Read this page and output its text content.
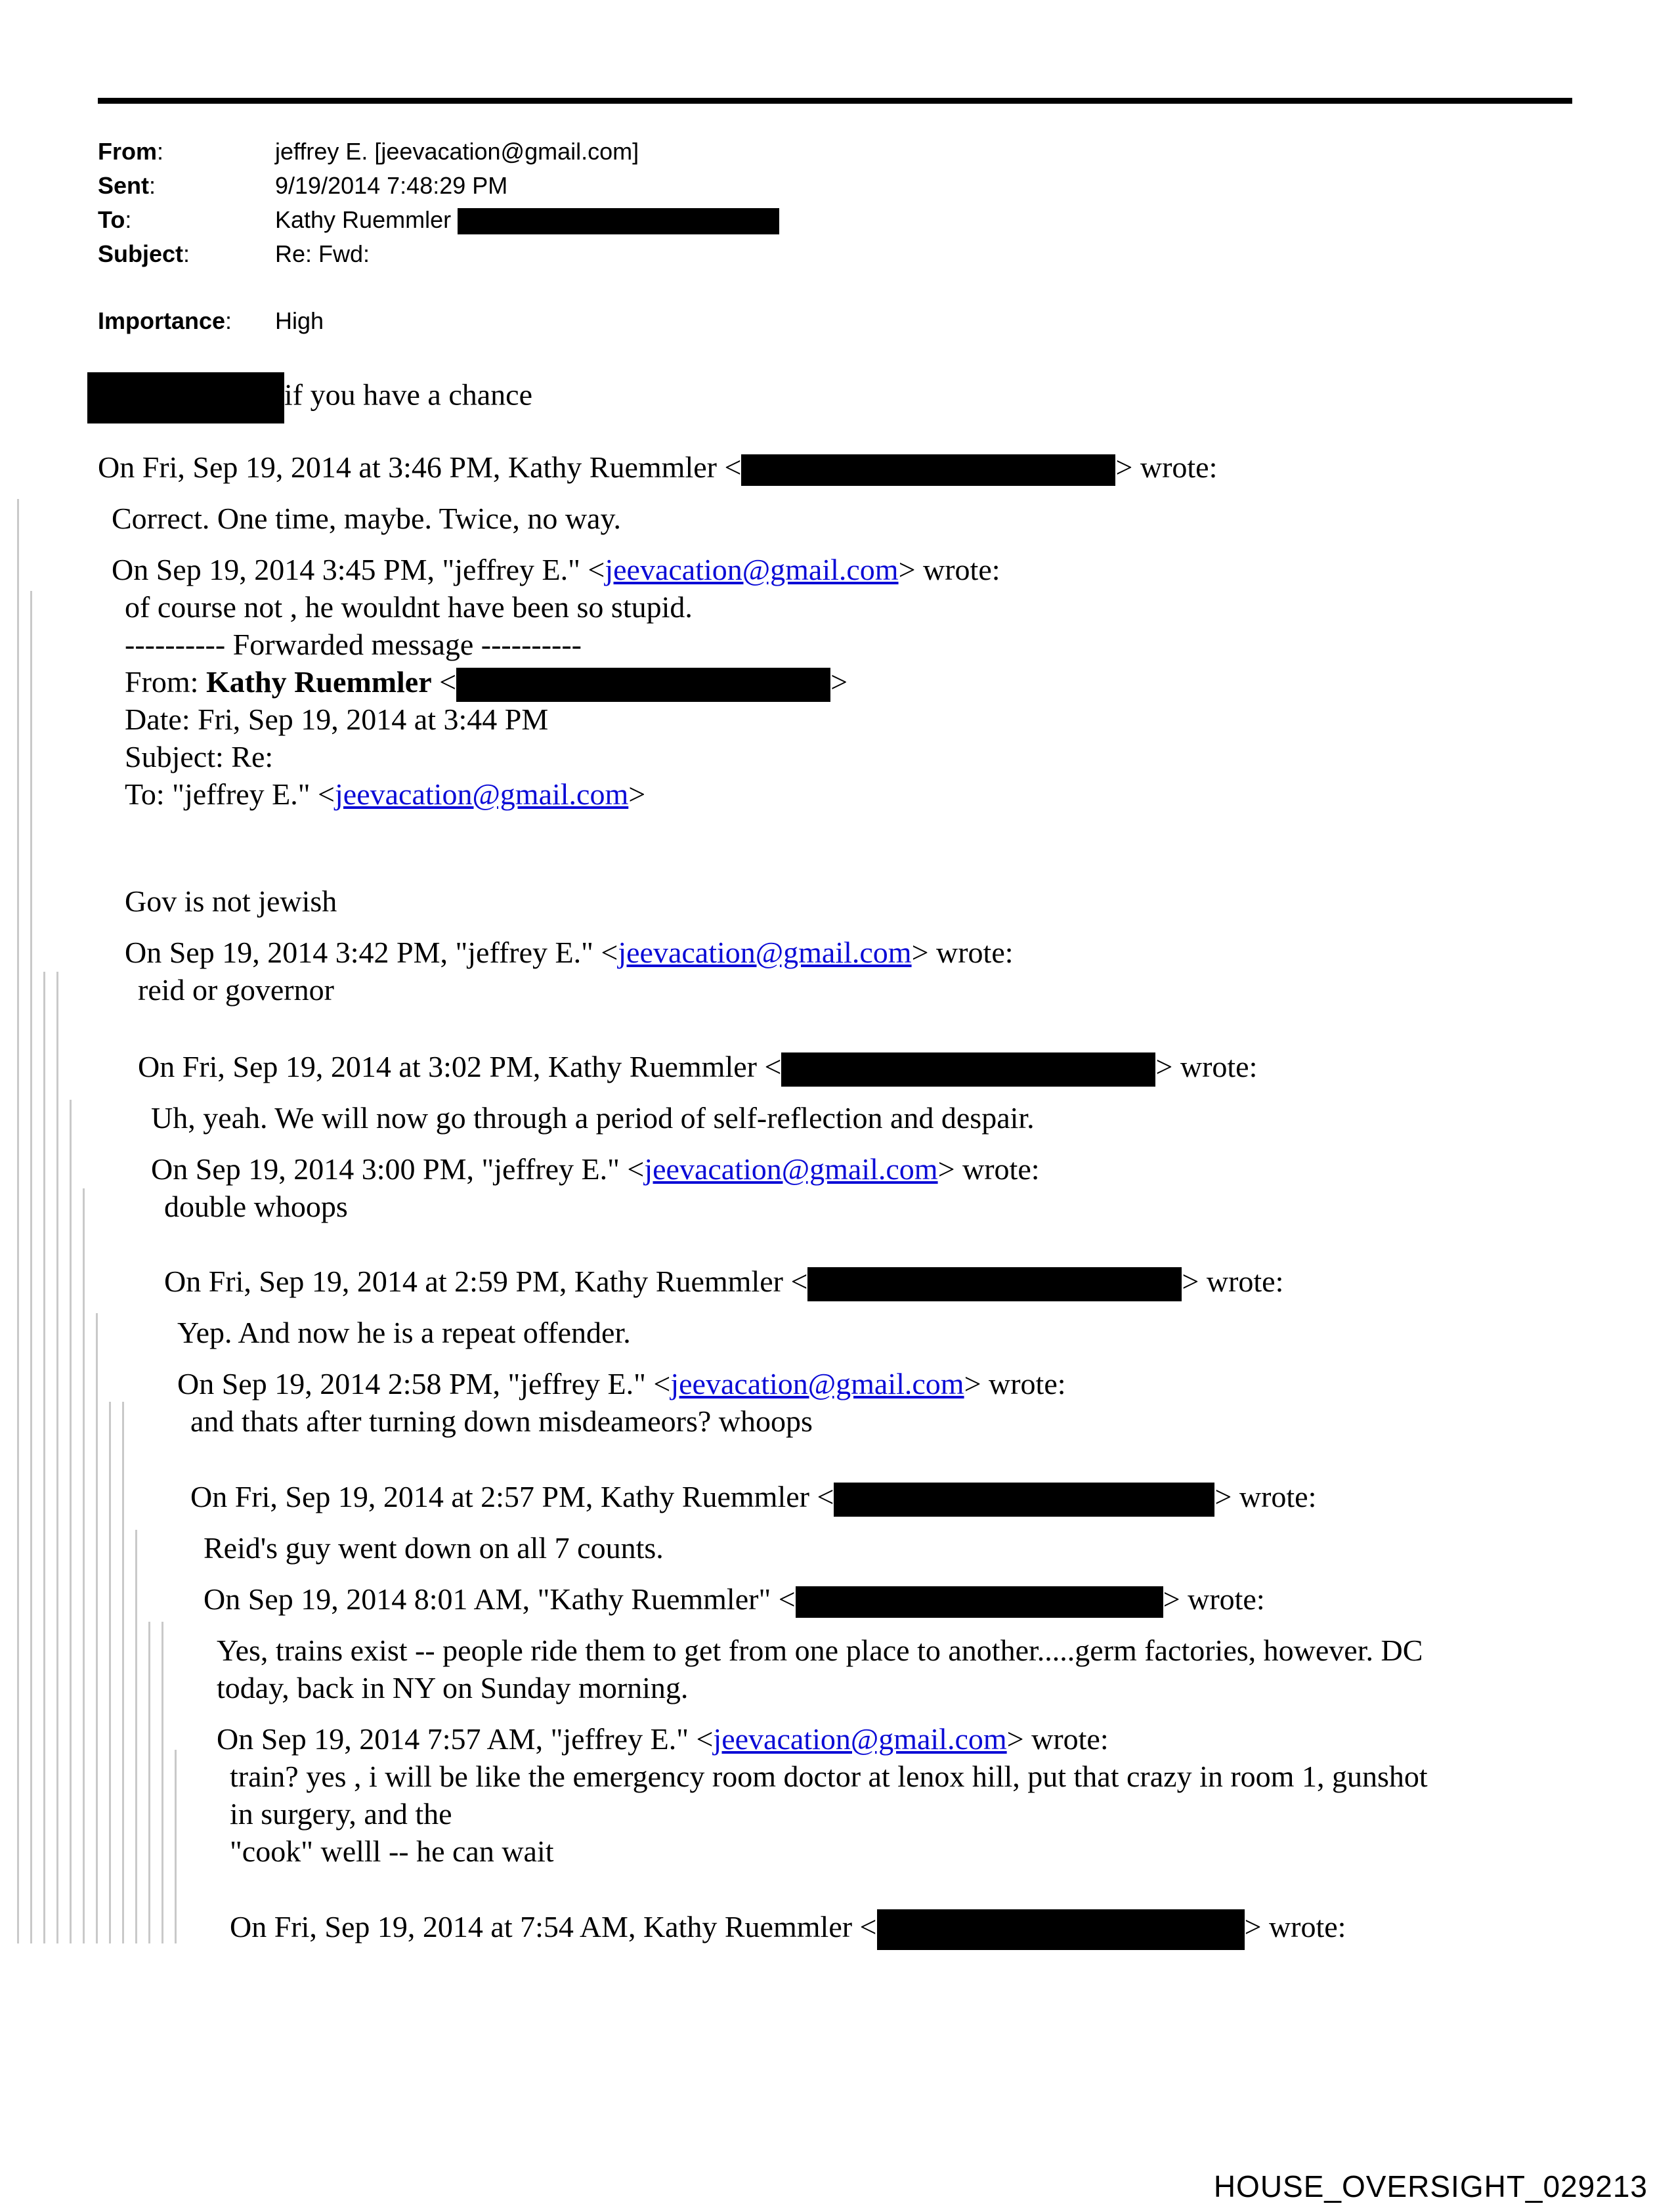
From:	jeffrey E. [jeevacation@gmail.com]
Sent:	9/19/2014 7:48:29 PM
To:	Kathy Ruemmler
Subject:	Re: Fwd:
Importance:	High
if you have a chance
On Fri, Sep 19, 2014 at 3:46 PM, Kathy Ruemmler <	> wrote:
Correct. One time, maybe. Twice, no way.
On Sep 19, 2014 3:45 PM, "jeffrey E." <jeevacation@gmail.com> wrote:
of course not , he wouldnt have been so stupid.
---------- Forwarded message ----------
From: Kathy Ruemmler <	>
Date: Fri, Sep 19, 2014 at 3:44 PM
Subject: Re:
To: "jeffrey E." <jeevacation@gmail.com>
Gov is not jewish
On Sep 19, 2014 3:42 PM, "jeffrey E." <jeevacation@gmail.com> wrote:
reid or governor
On Fri, Sep 19, 2014 at 3:02 PM, Kathy Ruemmler <	> wrote:
Uh, yeah. We will now go through a period of self-reflection and despair.
On Sep 19, 2014 3:00 PM, "jeffrey E." <jeevacation@gmail.com> wrote:
double whoops
On Fri, Sep 19, 2014 at 2:59 PM, Kathy Ruemmler <	> wrote:
Yep. And now he is a repeat offender.
On Sep 19, 2014 2:58 PM, "jeffrey E." <jeevacation@gmail.com> wrote:
and thats after turning down misdeameors? whoops
On Fri, Sep 19, 2014 at 2:57 PM, Kathy Ruemmler <	> wrote:
Reid's guy went down on all 7 counts.
On Sep 19, 2014 8:01 AM, "Kathy Ruemmler" <	> wrote:
Yes, trains exist -- people ride them to get from one place to another.....germ factories, however. DC
today, back in NY on Sunday morning.
On Sep 19, 2014 7:57 AM, "jeffrey E." <jeevacation@gmail.com> wrote:
train? yes , i will be like the emergency room doctor at lenox hill, put that crazy in room 1, gunshot
in surgery, and the
"cook" welll -- he can wait
On Fri, Sep 19, 2014 at 7:54 AM, Kathy Ruemmler <	> wrote:
HOUSE_OVERSIGHT_029213
